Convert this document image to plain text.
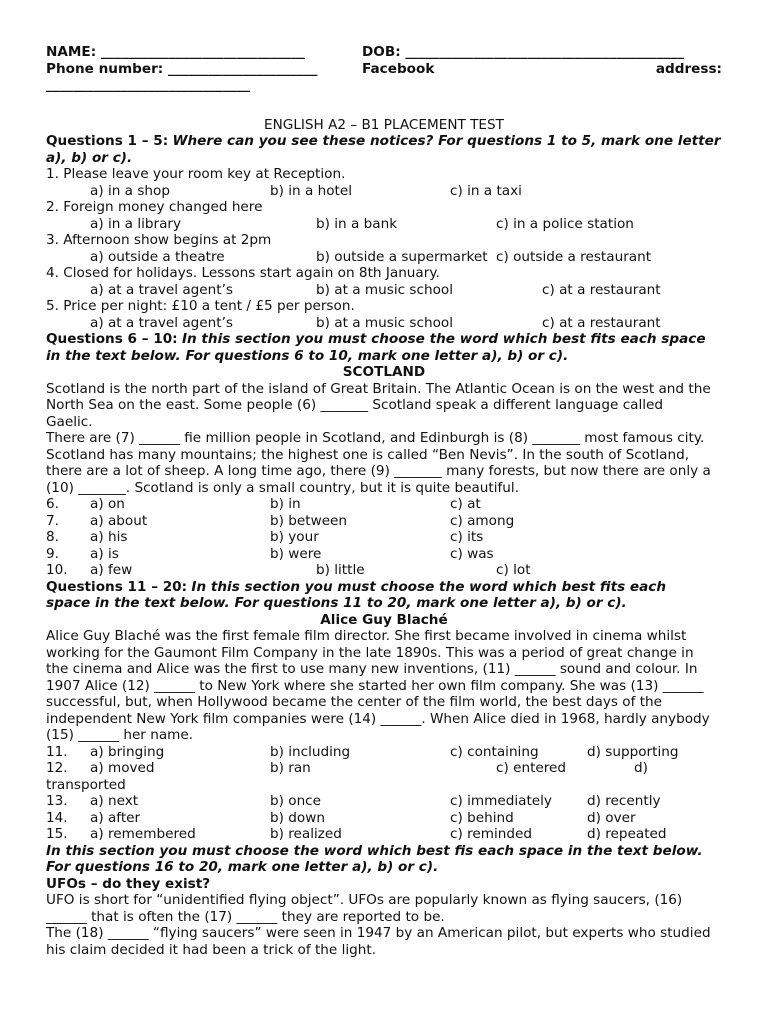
NAME: ______________________________	DOB: _________________________________________
Phone number: ______________________	Facebook	address:
______________________________
ENGLISH A2 – B1 PLACEMENT TEST
Questions 1 – 5: Where can you see these notices? For questions 1 to 5, mark one letter
a), b) or c).
1. Please leave your room key at Reception.
a) in a shop	b) in a hotel	c) in a taxi
2. Foreign money changed here
a) in a library	b) in a bank	c) in a police station
3. Afternoon show begins at 2pm
a) outside a theatre	b) outside a supermarket c) outside a restaurant
4. Closed for holidays. Lessons start again on 8th January.
a) at a travel agent’s	b) at a music school	c) at a restaurant
5. Price per night: £10 a tent / £5 per person.
a) at a travel agent’s	b) at a music school	c) at a restaurant
Questions 6 – 10: In this section you must choose the word which best fits each space
in the text below. For questions 6 to 10, mark one letter a), b) or c).
SCOTLAND
Scotland is the north part of the island of Great Britain. The Atlantic Ocean is on the west and the
North Sea on the east. Some people (6) _______ Scotland speak a different language called
Gaelic.
There are (7) ______ fie million people in Scotland, and Edinburgh is (8) _______ most famous city.
Scotland has many mountains; the highest one is called “Ben Nevis”. In the south of Scotland,
there are a lot of sheep. A long time ago, there (9) _______ many forests, but now there are only a
(10) _______. Scotland is only a small country, but it is quite beautiful.
6. a) on	b) in	c) at
7. a) about	b) between	c) among
8. a) his	b) your	c) its
9. a) is	b) were	c) was
10. a) few	b) little	c) lot
Questions 11 – 20: In this section you must choose the word which best fits each
space in the text below. For questions 11 to 20, mark one letter a), b) or c).
Alice Guy Blaché
Alice Guy Blaché was the first female film director. She first became involved in cinema whilst
working for the Gaumont Film Company in the late 1890s. This was a period of great change in
the cinema and Alice was the first to use many new inventions, (11) ______ sound and colour. In
1907 Alice (12) ______ to New York where she started her own film company. She was (13) ______
successful, but, when Hollywood became the center of the film world, the best days of the
independent New York film companies were (14) ______. When Alice died in 1968, hardly anybody
(15) ______ her name.
11. a) bringing	b) including	c) containing	d) supporting
12. a) moved	b) ran	c) entered	d)
transported
13. a) next	b) once	c) immediately	d) recently
14. a) after	b) down	c) behind	d) over
15. a) remembered	b) realized	c) reminded	d) repeated
In this section you must choose the word which best fis each space in the text below.
For questions 16 to 20, mark one letter a), b) or c).
UFOs – do they exist?
UFO is short for “unidentified flying object”. UFOs are popularly known as flying saucers, (16)
______ that is often the (17) ______ they are reported to be.
The (18) ______ “flying saucers” were seen in 1947 by an American pilot, but experts who studied
his claim decided it had been a trick of the light.
